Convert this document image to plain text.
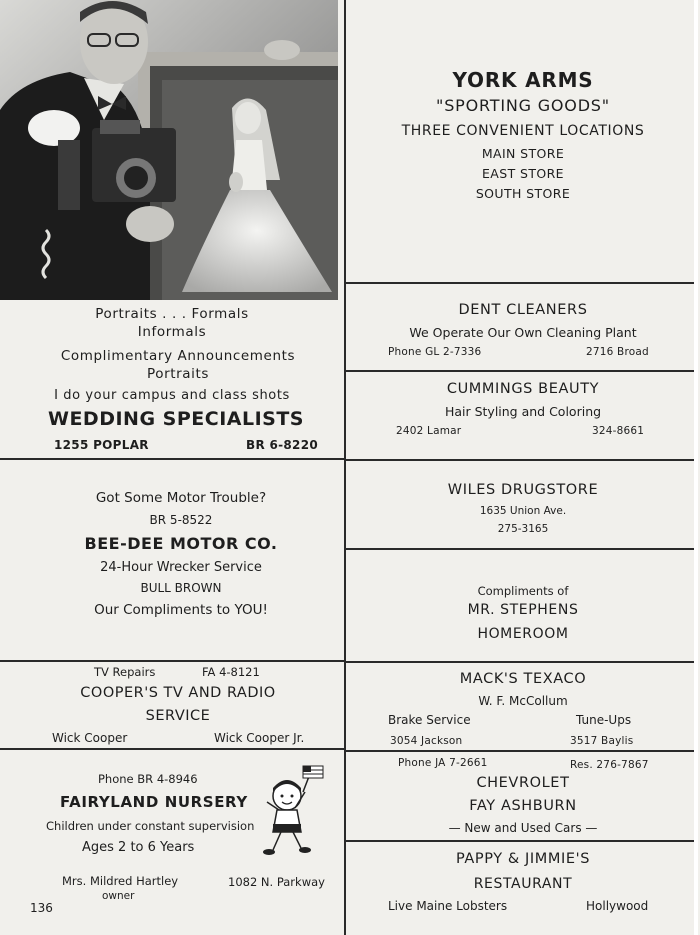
Portraits . . . Formals
Informals
Complimentary Announcements
Portraits
I do your campus and class shots
WEDDING SPECIALISTS
1255 POPLAR	BR 6-8220
YORK ARMS
"SPORTING GOODS"
THREE CONVENIENT LOCATIONS
MAIN STORE
EAST STORE
SOUTH STORE
DENT CLEANERS
We Operate Our Own Cleaning Plant
Phone GL 2-7336	2716 Broad
CUMMINGS BEAUTY
Hair Styling and Coloring
2402 Lamar	324-8661
Got Some Motor Trouble?
BR 5-8522
BEE-DEE MOTOR CO.
24-Hour Wrecker Service
BULL BROWN
Our Compliments to YOU!
WILES DRUGSTORE
1635 Union Ave.
275-3165
Compliments of
MR. STEPHENS
HOMEROOM
TV Repairs	FA 4-8121
COOPER'S TV AND RADIO
SERVICE
Wick Cooper	Wick Cooper Jr.
MACK'S TEXACO
W. F. McCollum
Brake Service	Tune-Ups
3054 Jackson	3517 Baylis
Phone BR 4-8946
FAIRYLAND NURSERY
Children under constant supervision
Ages 2 to 6 Years
Mrs. Mildred Hartley
owner
1082 N. Parkway
Phone JA 7-2661	Res. 276-7867
CHEVROLET
FAY ASHBURN
— New and Used Cars —
PAPPY & JIMMIE'S
RESTAURANT
Live Maine Lobsters	Hollywood
136
